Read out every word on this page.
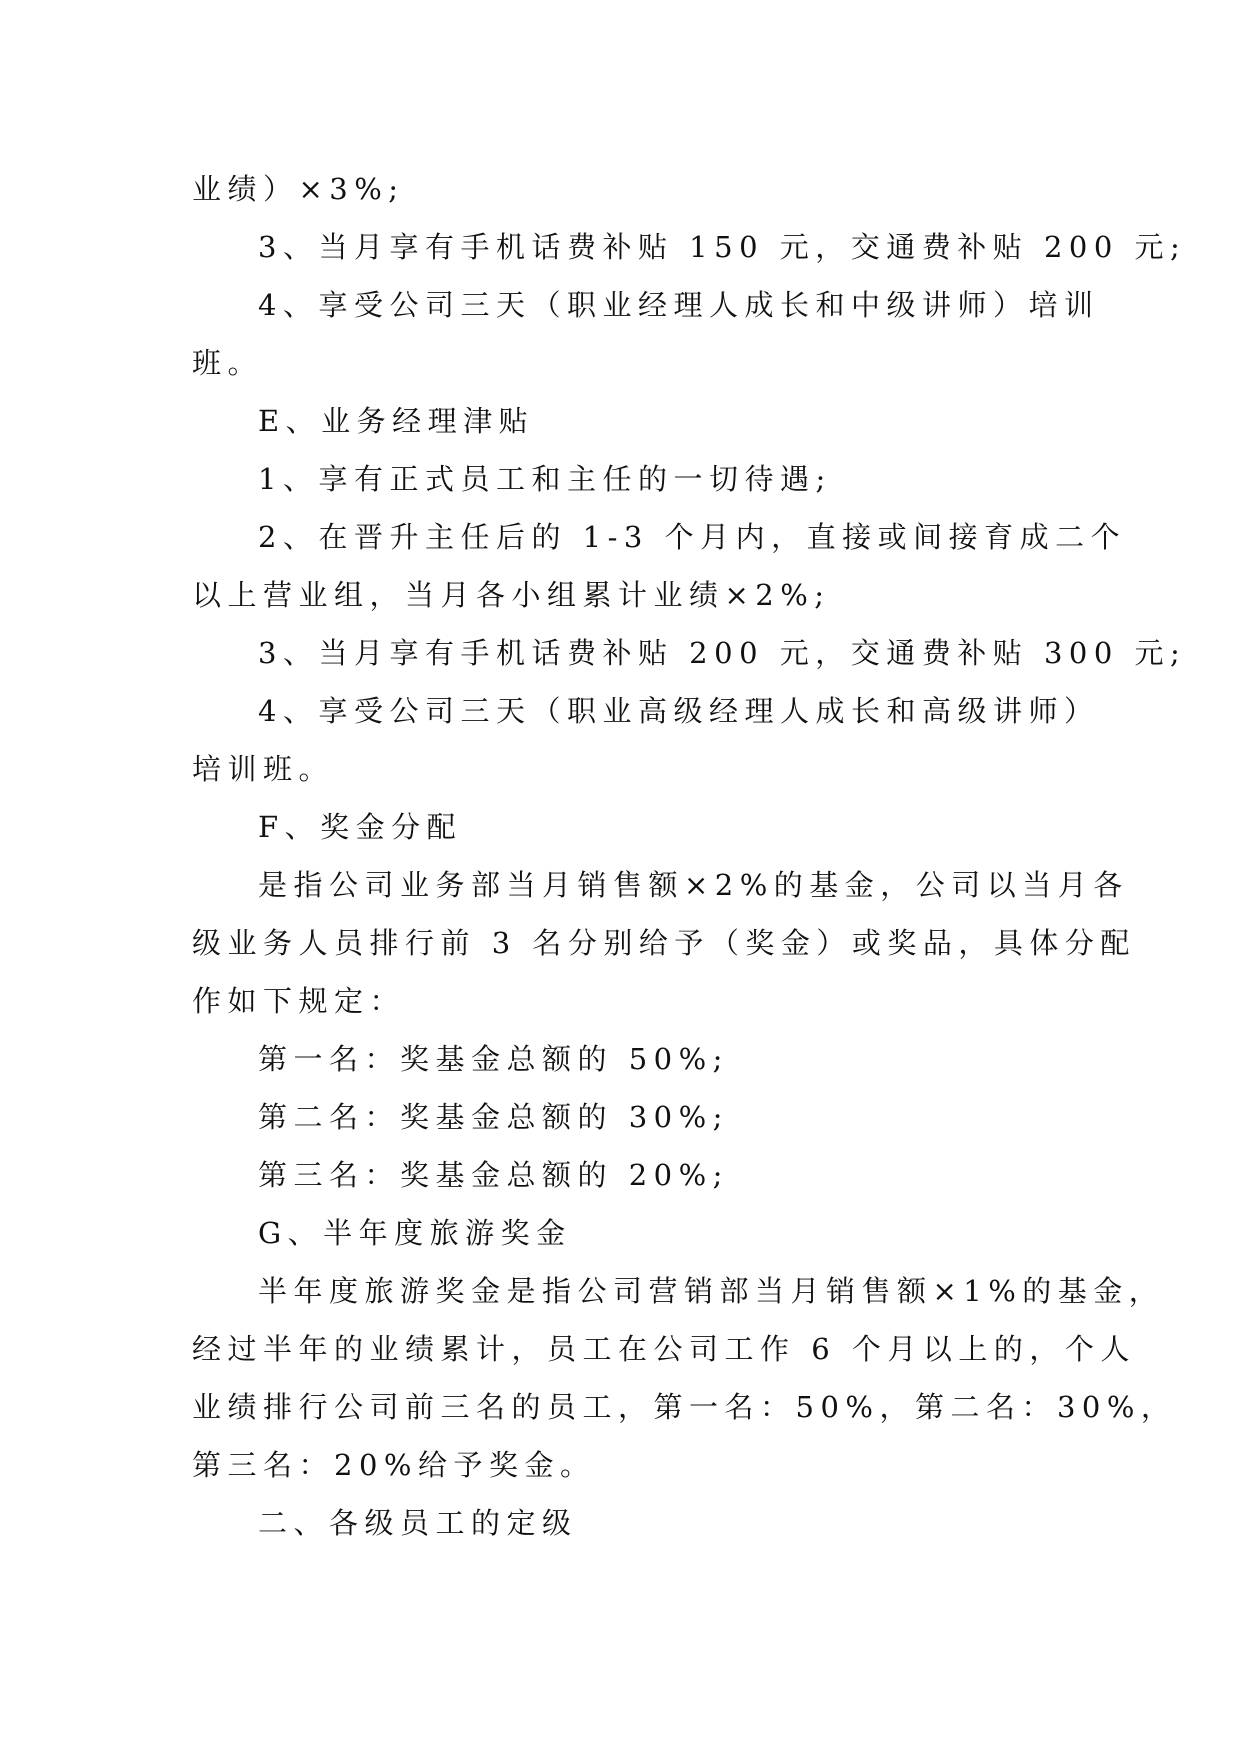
业绩）×3%;
3、当月享有手机话费补贴 150 元，交通费补贴 200 元;
4、享受公司三天（职业经理人成长和中级讲师）培训
班。
E、业务经理津贴
1、享有正式员工和主任的一切待遇;
2、在晋升主任后的 1-3 个月内，直接或间接育成二个
以上营业组，当月各小组累计业绩×2%;
3、当月享有手机话费补贴 200 元，交通费补贴 300 元;
4、享受公司三天（职业高级经理人成长和高级讲师）
培训班。
F、奖金分配
是指公司业务部当月销售额×2%的基金，公司以当月各
级业务人员排行前 3 名分别给予（奖金）或奖品，具体分配
作如下规定：
第一名：奖基金总额的 50%;
第二名：奖基金总额的 30%;
第三名：奖基金总额的 20%;
G、半年度旅游奖金
半年度旅游奖金是指公司营销部当月销售额×1%的基金，
经过半年的业绩累计，员工在公司工作 6 个月以上的，个人
业绩排行公司前三名的员工，第一名：50%，第二名：30%，
第三名：20%给予奖金。
二、各级员工的定级
